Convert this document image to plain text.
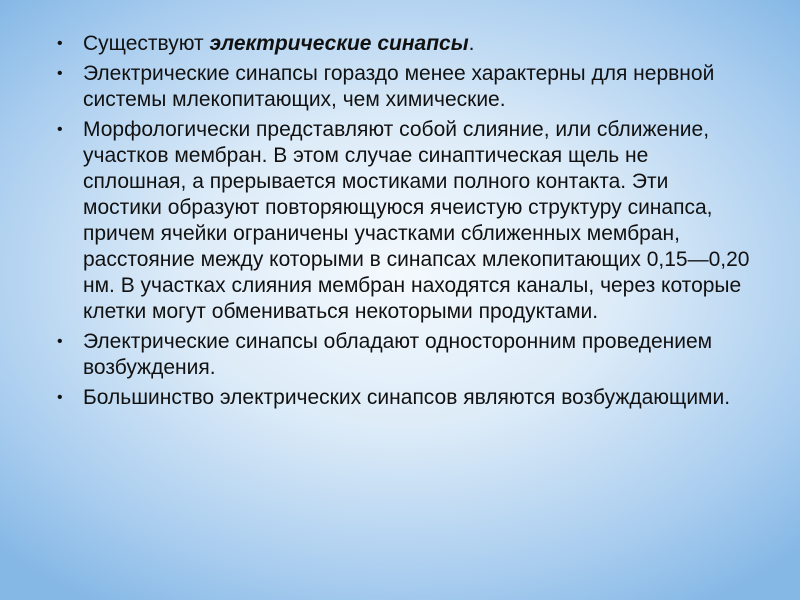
• Существуют электрические синапсы.
• Электрические синапсы гораздо менее характерны для нервной системы млекопитающих, чем химические.
• Морфологически представляют собой слияние, или сближение, участков мембран. В этом случае синаптическая щель не сплошная, а прерывается мостиками полного контакта. Эти мостики образуют повторяющуюся ячеистую структуру синапса, причем ячейки ограничены участками сближенных мембран, расстояние между которыми в синапсах млекопитающих 0,15—0,20 нм. В участках слияния мембран находятся каналы, через которые клетки могут обмениваться некоторыми продуктами.
• Электрические синапсы обладают односторонним проведением возбуждения.
• Большинство электрических синапсов являются возбуждающими.
